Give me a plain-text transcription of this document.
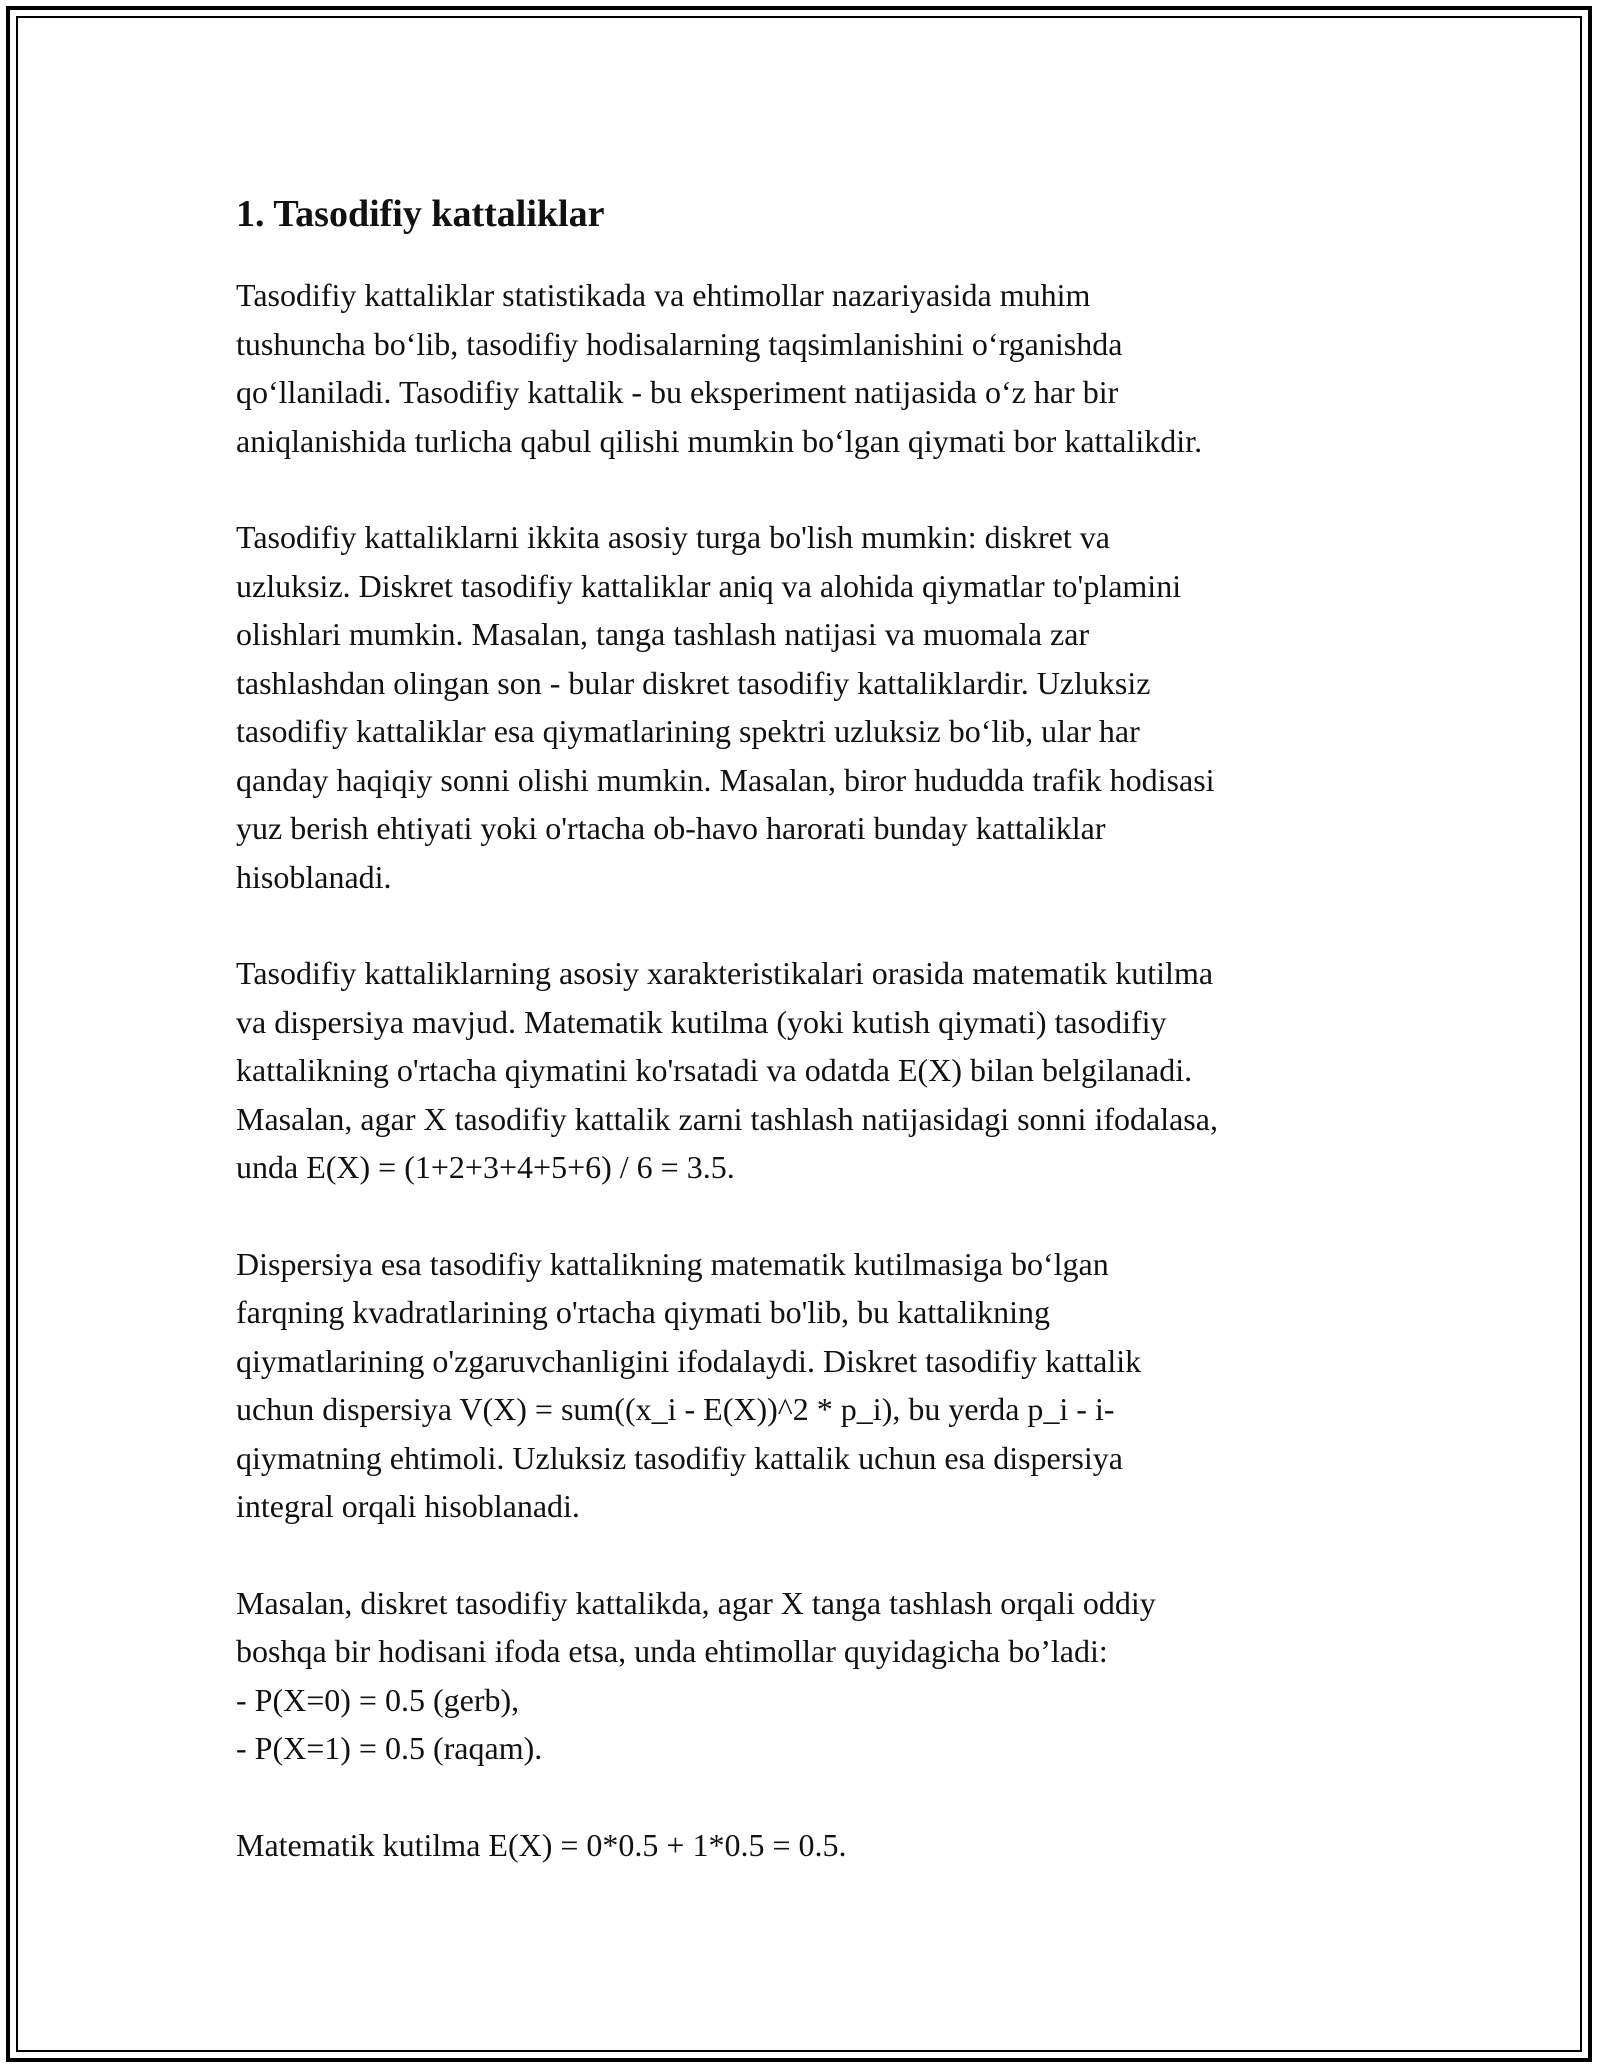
1. Tasodifiy kattaliklar

Tasodifiy kattaliklar statistikada va ehtimollar nazariyasida muhim
tushuncha bo‘lib, tasodifiy hodisalarning taqsimlanishini o‘rganishda
qo‘llaniladi. Tasodifiy kattalik - bu eksperiment natijasida o‘z har bir
aniqlanishida turlicha qabul qilishi mumkin bo‘lgan qiymati bor kattalikdir.

Tasodifiy kattaliklarni ikkita asosiy turga bo'lish mumkin: diskret va
uzluksiz. Diskret tasodifiy kattaliklar aniq va alohida qiymatlar to'plamini
olishlari mumkin. Masalan, tanga tashlash natijasi va muomala zar
tashlashdan olingan son - bular diskret tasodifiy kattaliklardir. Uzluksiz
tasodifiy kattaliklar esa qiymatlarining spektri uzluksiz bo‘lib, ular har
qanday haqiqiy sonni olishi mumkin. Masalan, biror hududda trafik hodisasi
yuz berish ehtiyati yoki o'rtacha ob-havo harorati bunday kattaliklar
hisoblanadi.

Tasodifiy kattaliklarning asosiy xarakteristikalari orasida matematik kutilma
va dispersiya mavjud. Matematik kutilma (yoki kutish qiymati) tasodifiy
kattalikning o'rtacha qiymatini ko'rsatadi va odatda E(X) bilan belgilanadi.
Masalan, agar X tasodifiy kattalik zarni tashlash natijasidagi sonni ifodalasa,
unda E(X) = (1+2+3+4+5+6) / 6 = 3.5.

Dispersiya esa tasodifiy kattalikning matematik kutilmasiga bo‘lgan
farqning kvadratlarining o'rtacha qiymati bo'lib, bu kattalikning
qiymatlarining o'zgaruvchanligini ifodalaydi. Diskret tasodifiy kattalik
uchun dispersiya V(X) = sum((x_i - E(X))^2 * p_i), bu yerda p_i - i-
qiymatning ehtimoli. Uzluksiz tasodifiy kattalik uchun esa dispersiya
integral orqali hisoblanadi.

Masalan, diskret tasodifiy kattalikda, agar X tanga tashlash orqali oddiy
boshqa bir hodisani ifoda etsa, unda ehtimollar quyidagicha bo’ladi:
- P(X=0) = 0.5 (gerb),
- P(X=1) = 0.5 (raqam).

Matematik kutilma E(X) = 0*0.5 + 1*0.5 = 0.5.
